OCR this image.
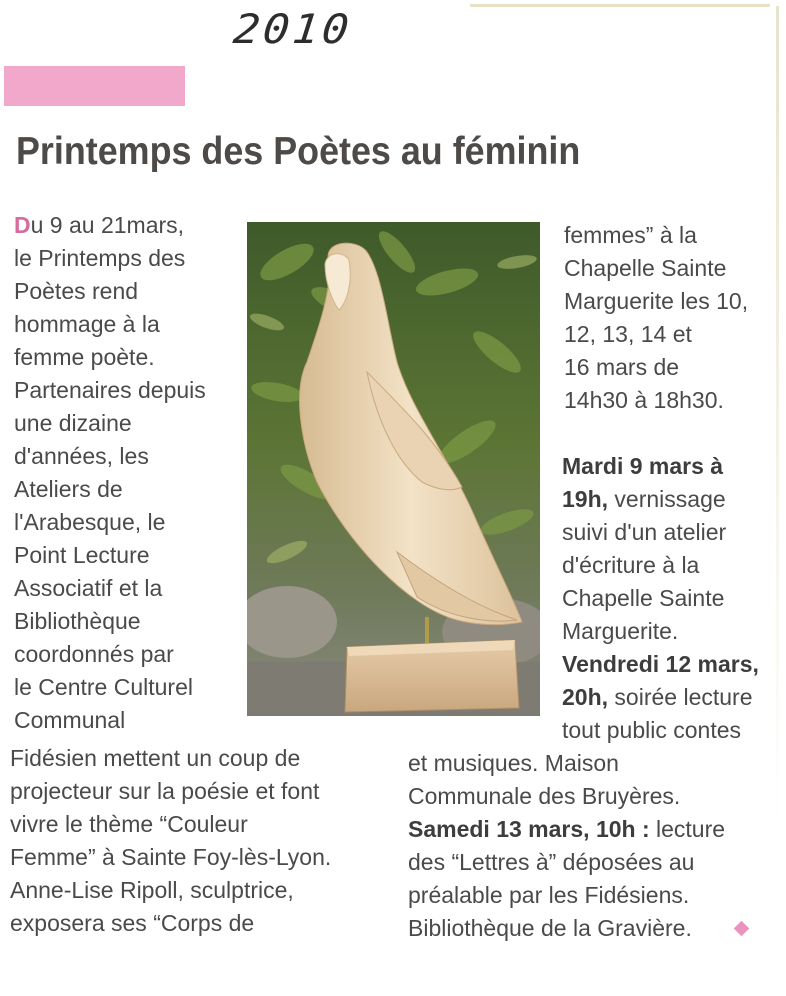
2010
Printemps des Poètes au féminin
Du 9 au 21mars,
le Printemps des
Poètes rend
hommage à la
femme poète.
Partenaires depuis
une dizaine
d'années, les
Ateliers de
l'Arabesque, le
Point Lecture
Associatif et la
Bibliothèque
coordonnés par
le Centre Culturel
Communal
Fidésien mettent un coup de
projecteur sur la poésie et font
vivre le thème “Couleur
Femme” à Sainte Foy-lès-Lyon.
Anne-Lise Ripoll, sculptrice,
exposera ses “Corps de
femmes” à la
Chapelle Sainte
Marguerite les 10,
12, 13, 14 et
16 mars de
14h30 à 18h30.
Mardi 9 mars à
19h, vernissage
suivi d'un atelier
d'écriture à la
Chapelle Sainte
Marguerite.
Vendredi 12 mars,
20h, soirée lecture
tout public contes
et musiques. Maison
Communale des Bruyères.
Samedi 13 mars, 10h : lecture
des “Lettres à” déposées au
préalable par les Fidésiens.
Bibliothèque de la Gravière.
